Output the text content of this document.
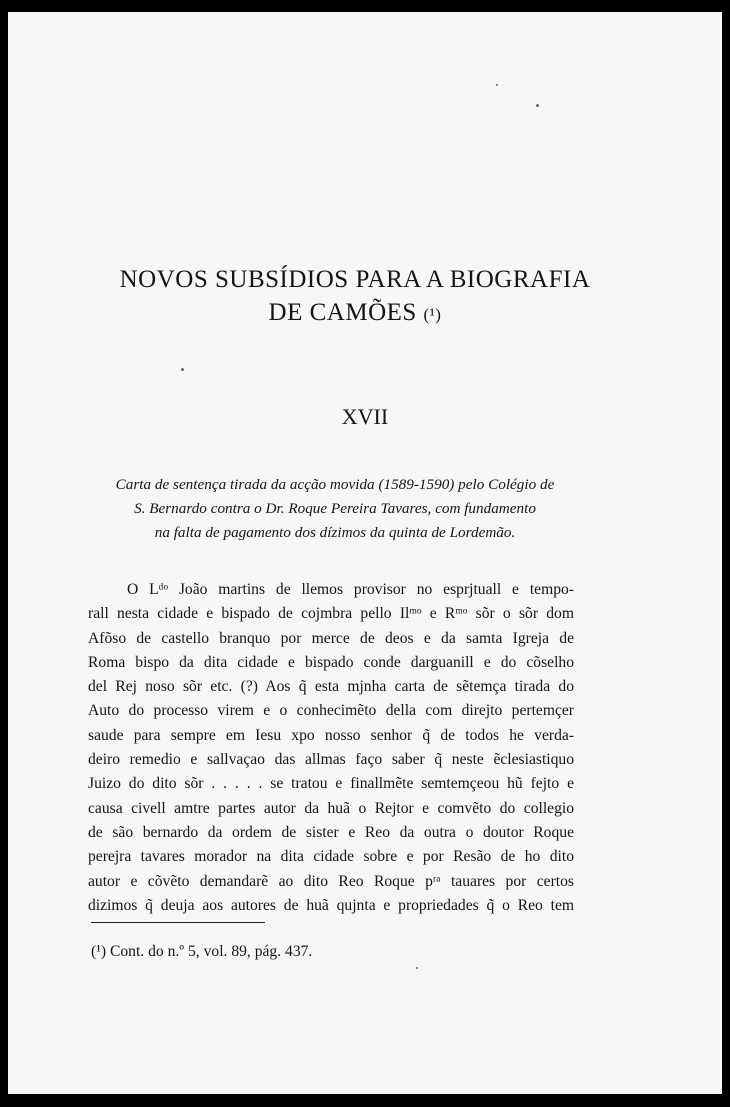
NOVOS SUBSÍDIOS PARA A BIOGRAFIA
DE CAMÕES (¹)
XVII
Carta de sentença tirada da acção movida (1589-1590) pelo Colégio de
S. Bernardo contra o Dr. Roque Pereira Tavares, com fundamento
na falta de pagamento dos dízimos da quinta de Lordemão.
O Lᵈᵒ João martins de llemos provisor no esprjtuall e tempo-
rall nesta cidade e bispado de cojmbra pello Ilᵐᵒ e Rᵐᵒ sõr o sõr dom
Afõso de castello branquo por merce de deos e da samta Igreja de
Roma bispo da dita cidade e bispado conde darguanill e do cõselho
del Rej noso sõr etc. (?) Aos q̃ esta mjnha carta de sẽtemça tirada do
Auto do processo virem e o conhecimẽto della com direjto pertemçer
saude para sempre em Iesu xpo nosso senhor q̃ de todos he verda-
deiro remedio e sallvaçao das allmas faço saber q̃ neste ẽclesiastiquo
Juizo do dito sõr . . . . . se tratou e finallmẽte semtemçeou hũ fejto e
causa civell amtre partes autor da huã o Rejtor e comvẽto do collegio
de são bernardo da ordem de sister e Reo da outra o doutor Roque
perejra tavares morador na dita cidade sobre e por Resão de ho dito
autor e cõvẽto demandarẽ ao dito Reo Roque pʳᵃ tauares por certos
dizimos q̃ deuja aos autores de huã qujnta e propriedades q̃ o Reo tem
(¹) Cont. do n.º 5, vol. 89, pág. 437.
